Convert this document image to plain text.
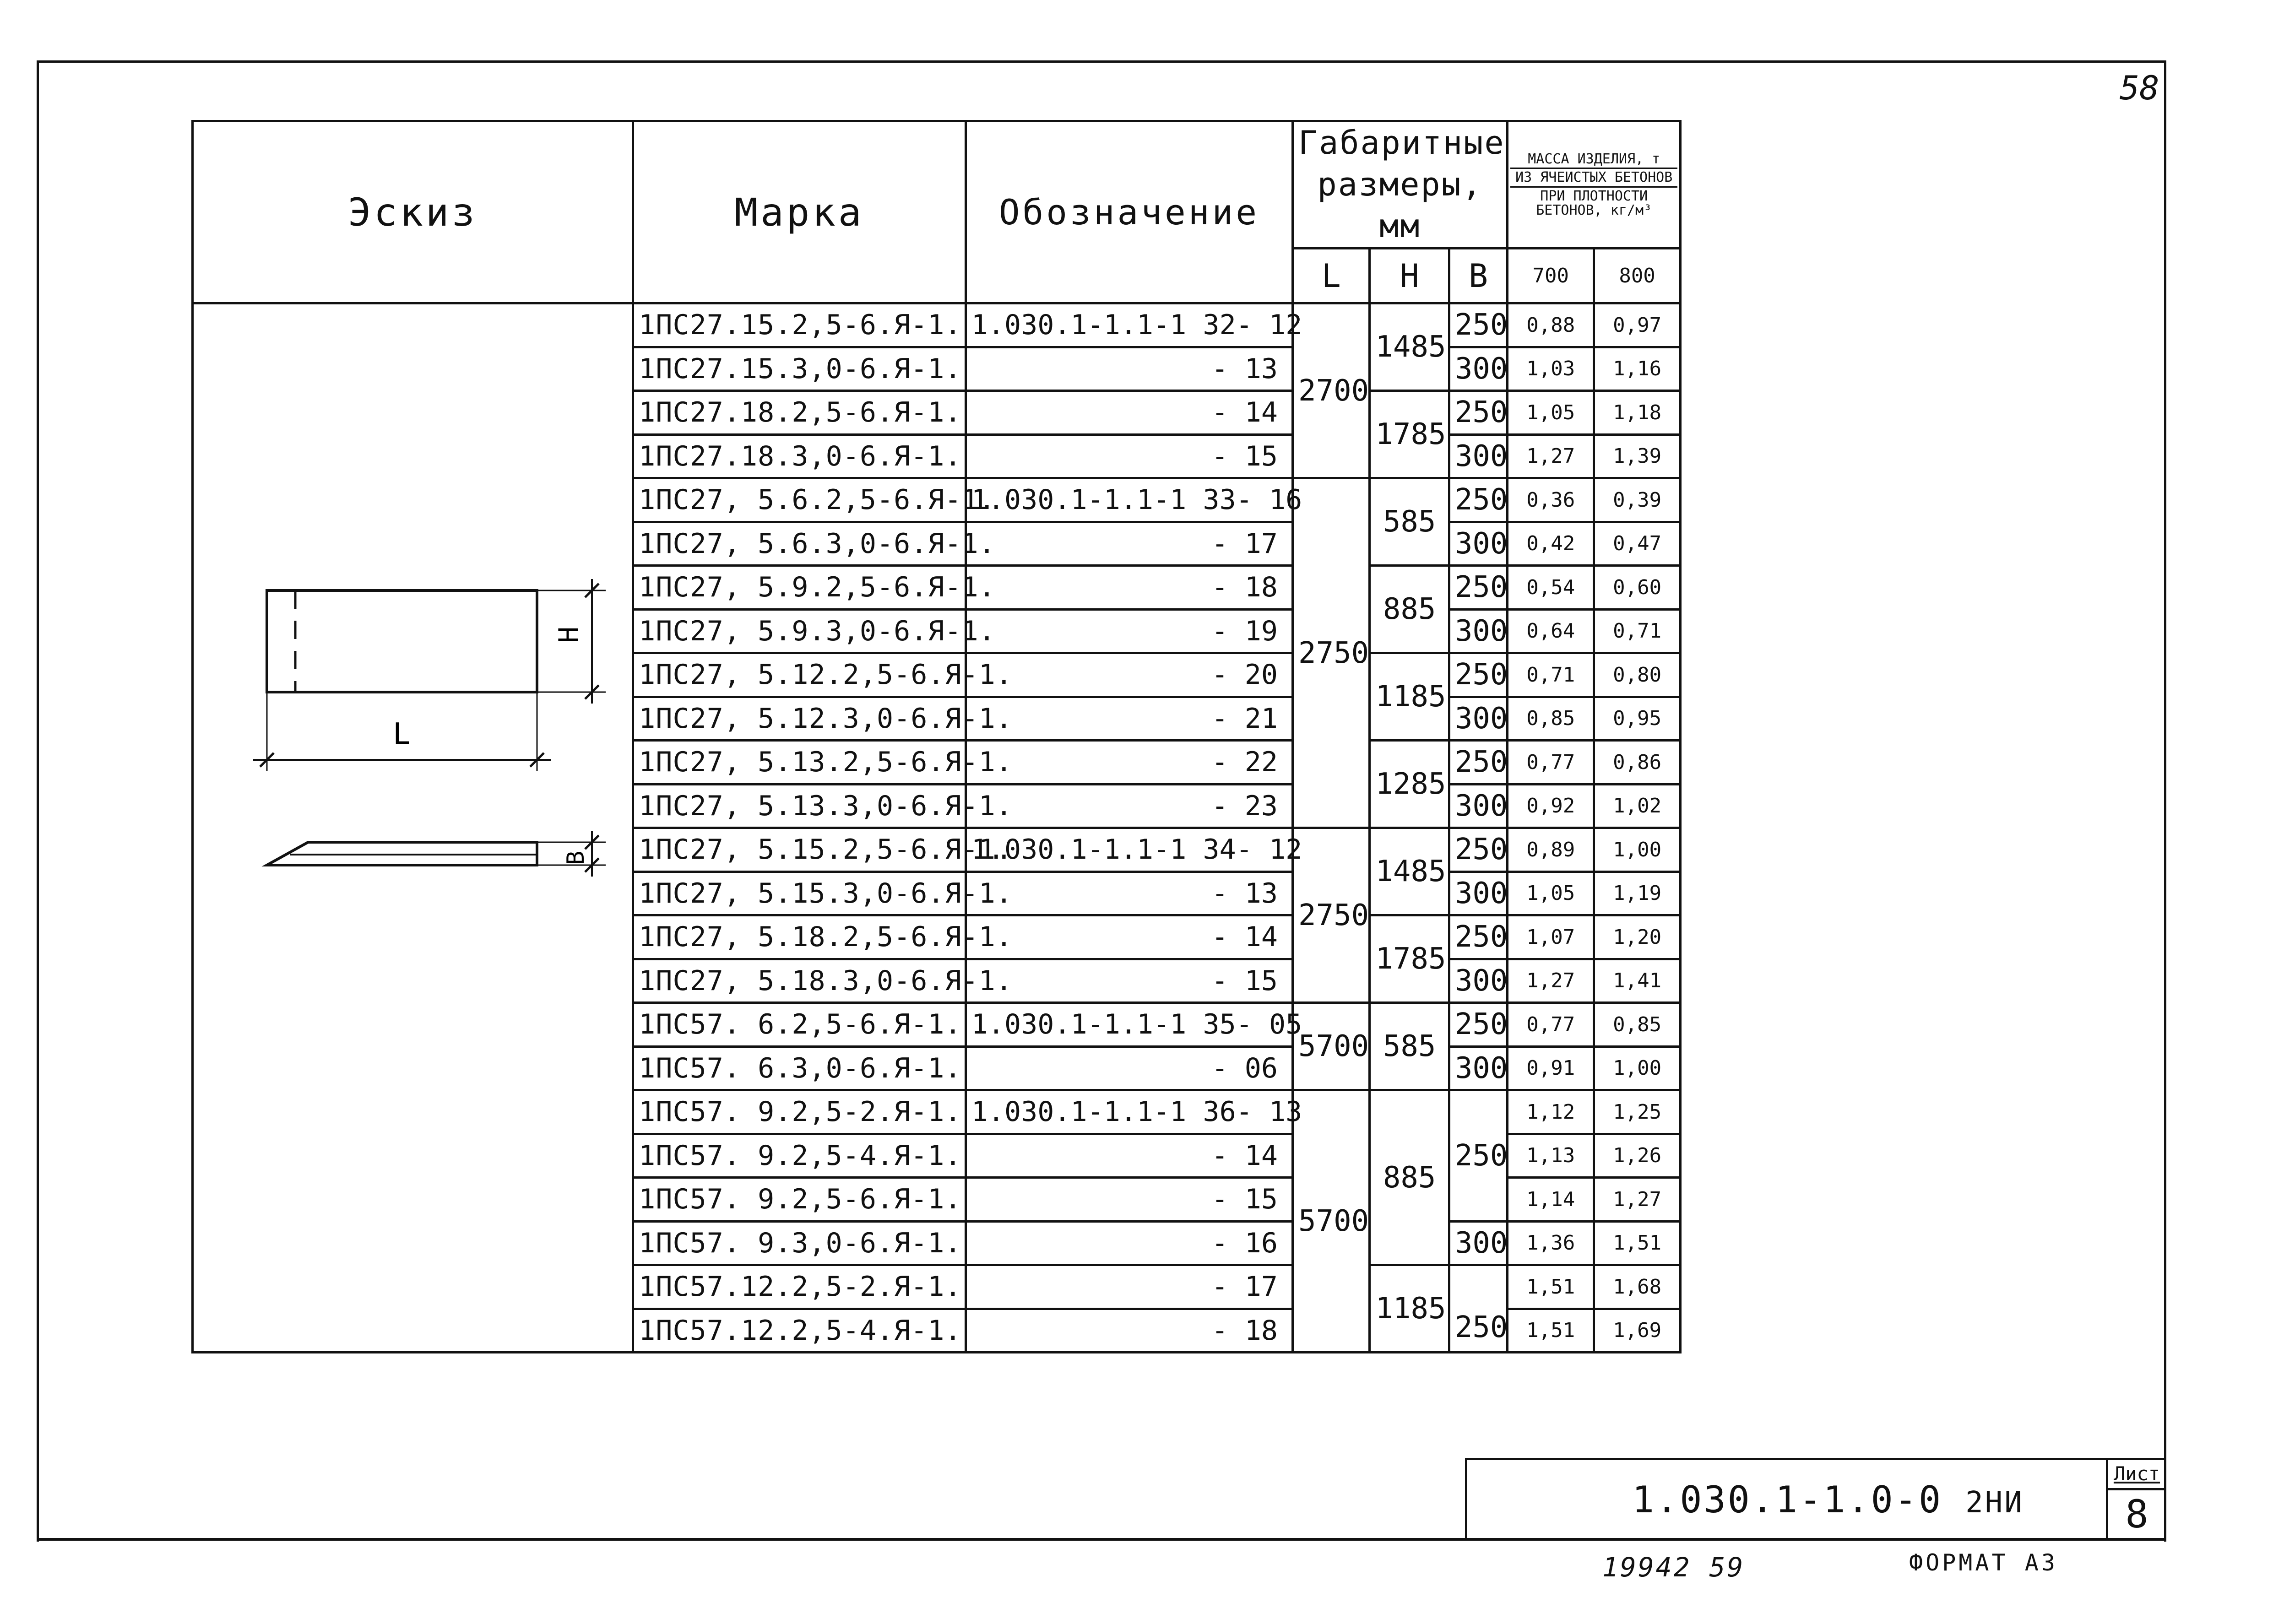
58
Эскиз	Марка	Обозначение	Габаритные размеры, мм			МАССА ИЗДЕЛИЯ, т
ИЗ ЯЧЕИСТЫХ БЕТОНОВ
ПРИ ПЛОТНОСТИ БЕТОНОВ, кг/м³	
			L	H	B	700	800

H
L
B	1ПС27.15.2,5-6.Я-1.	1.030.1-1.1-1 32- 12	2700	1485	250	0,88	0,97
	1ПС27.15.3,0-6.Я-1.	- 13			300	1,03	1,16
	1ПС27.18.2,5-6.Я-1.	- 14		1785	250	1,05	1,18
	1ПС27.18.3,0-6.Я-1.	- 15			300	1,27	1,39
	1ПС27, 5.6.2,5-6.Я-1.	1.030.1-1.1-1 33- 16	2750	585	250	0,36	0,39
	1ПС27, 5.6.3,0-6.Я-1.	- 17			300	0,42	0,47
	1ПС27, 5.9.2,5-6.Я-1.	- 18		885	250	0,54	0,60
	1ПС27, 5.9.3,0-6.Я-1.	- 19			300	0,64	0,71
	1ПС27, 5.12.2,5-6.Я-1.	- 20		1185	250	0,71	0,80
	1ПС27, 5.12.3,0-6.Я-1.	- 21			300	0,85	0,95
	1ПС27, 5.13.2,5-6.Я-1.	- 22		1285	250	0,77	0,86
	1ПС27, 5.13.3,0-6.Я-1.	- 23			300	0,92	1,02
	1ПС27, 5.15.2,5-6.Я-1.	1.030.1-1.1-1 34- 12	2750	1485	250	0,89	1,00
	1ПС27, 5.15.3,0-6.Я-1.	- 13			300	1,05	1,19
	1ПС27, 5.18.2,5-6.Я-1.	- 14		1785	250	1,07	1,20
	1ПС27, 5.18.3,0-6.Я-1.	- 15			300	1,27	1,41
	1ПС57. 6.2,5-6.Я-1.	1.030.1-1.1-1 35- 05	5700	585	250	0,77	0,85
	1ПС57. 6.3,0-6.Я-1.	- 06			300	0,91	1,00
	1ПС57. 9.2,5-2.Я-1.	1.030.1-1.1-1 36- 13	5700	885	250	1,12	1,25
	1ПС57. 9.2,5-4.Я-1.	- 14				1,13	1,26
	1ПС57. 9.2,5-6.Я-1.	- 15				1,14	1,27
	1ПС57. 9.3,0-6.Я-1.	- 16			300	1,36	1,51
	1ПС57.12.2,5-2.Я-1.	- 17		1185	250	1,51	1,68
	1ПС57.12.2,5-4.Я-1.	- 18				1,51	1,69
1.030.1-1.0-0 2НИ
Лист
8
19942 59	ФОРМАТ А3
